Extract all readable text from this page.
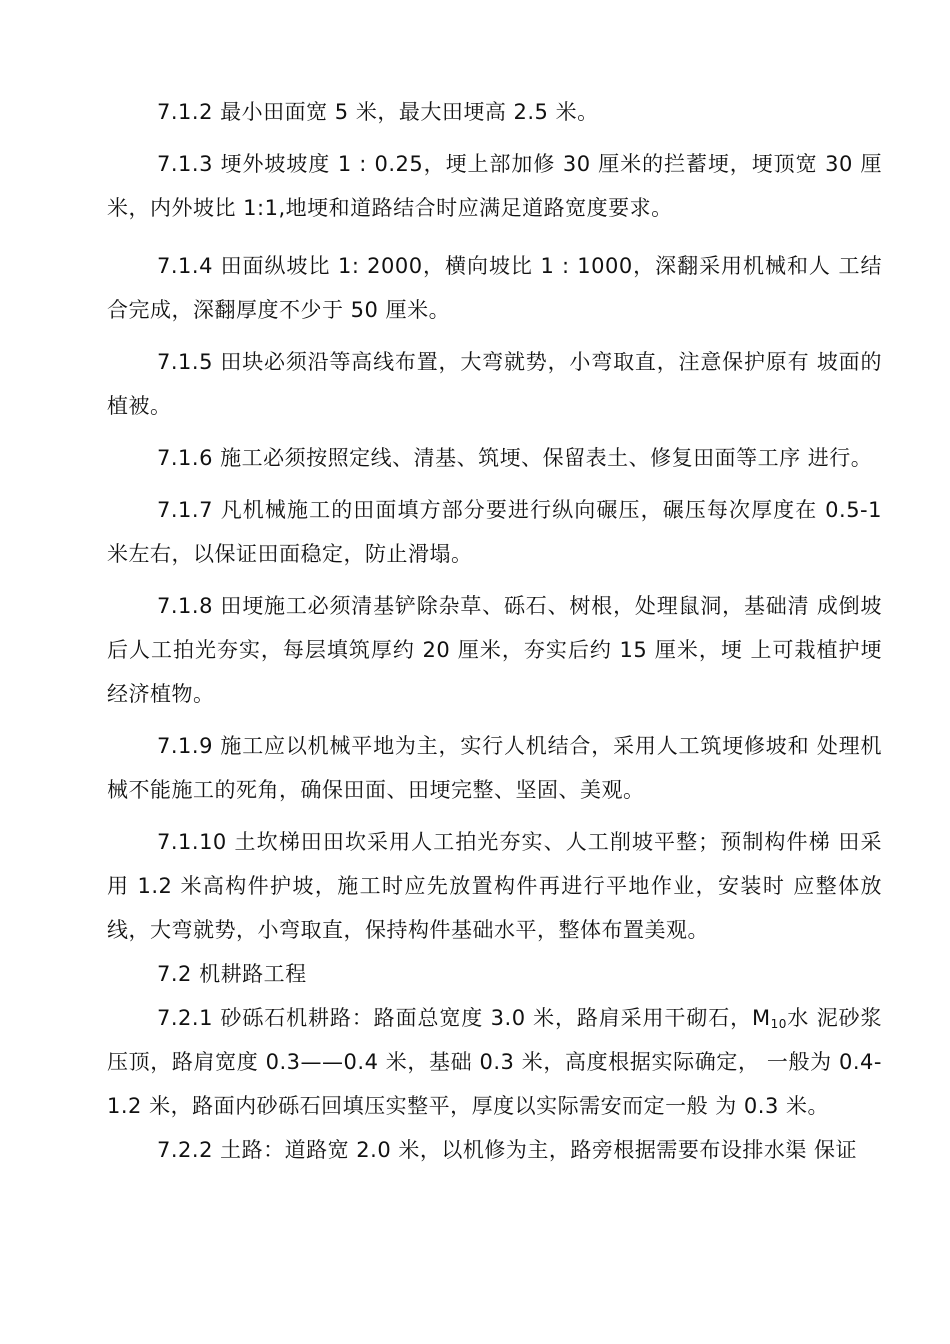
7.1.2 最小田面宽 5 米，最大田埂高 2.5 米。

7.1.3 埂外坡坡度 1 : 0.25，埂上部加修 30 厘米的拦蓄埂，埂顶宽 30 厘米，内外坡比 1:1,地埂和道路结合时应满足道路宽度要求。

7.1.4 田面纵坡比 1: 2000，横向坡比 1 : 1000，深翻采用机械和人 工结合完成，深翻厚度不少于 50 厘米。

7.1.5 田块必须沿等高线布置，大弯就势，小弯取直，注意保护原有 坡面的植被。

7.1.6 施工必须按照定线、清基、筑埂、保留表土、修复田面等工序 进行。

7.1.7 凡机械施工的田面填方部分要进行纵向碾压，碾压每次厚度在 0.5-1 米左右，以保证田面稳定，防止滑塌。

7.1.8 田埂施工必须清基铲除杂草、砾石、树根，处理鼠洞，基础清 成倒坡后人工拍光夯实，每层填筑厚约 20 厘米，夯实后约 15 厘米，埂 上可栽植护埂经济植物。

7.1.9 施工应以机械平地为主，实行人机结合，采用人工筑埂修坡和 处理机械不能施工的死角，确保田面、田埂完整、坚固、美观。

7.1.10 土坎梯田田坎采用人工拍光夯实、人工削坡平整；预制构件梯 田采用 1.2 米高构件护坡，施工时应先放置构件再进行平地作业，安装时 应整体放线，大弯就势，小弯取直，保持构件基础水平，整体布置美观。

7.2 机耕路工程

7.2.1 砂砾石机耕路：路面总宽度 3.0 米，路肩采用干砌石，$M_{10}$水 泥砂浆压顶，路肩宽度 0.3——0.4 米，基础 0.3 米，高度根据实际确定， 一般为 0.4-1.2 米，路面内砂砾石回填压实整平，厚度以实际需安而定一般 为 0.3 米。

7.2.2 土路：道路宽 2.0 米，以机修为主，路旁根据需要布设排水渠 保证
